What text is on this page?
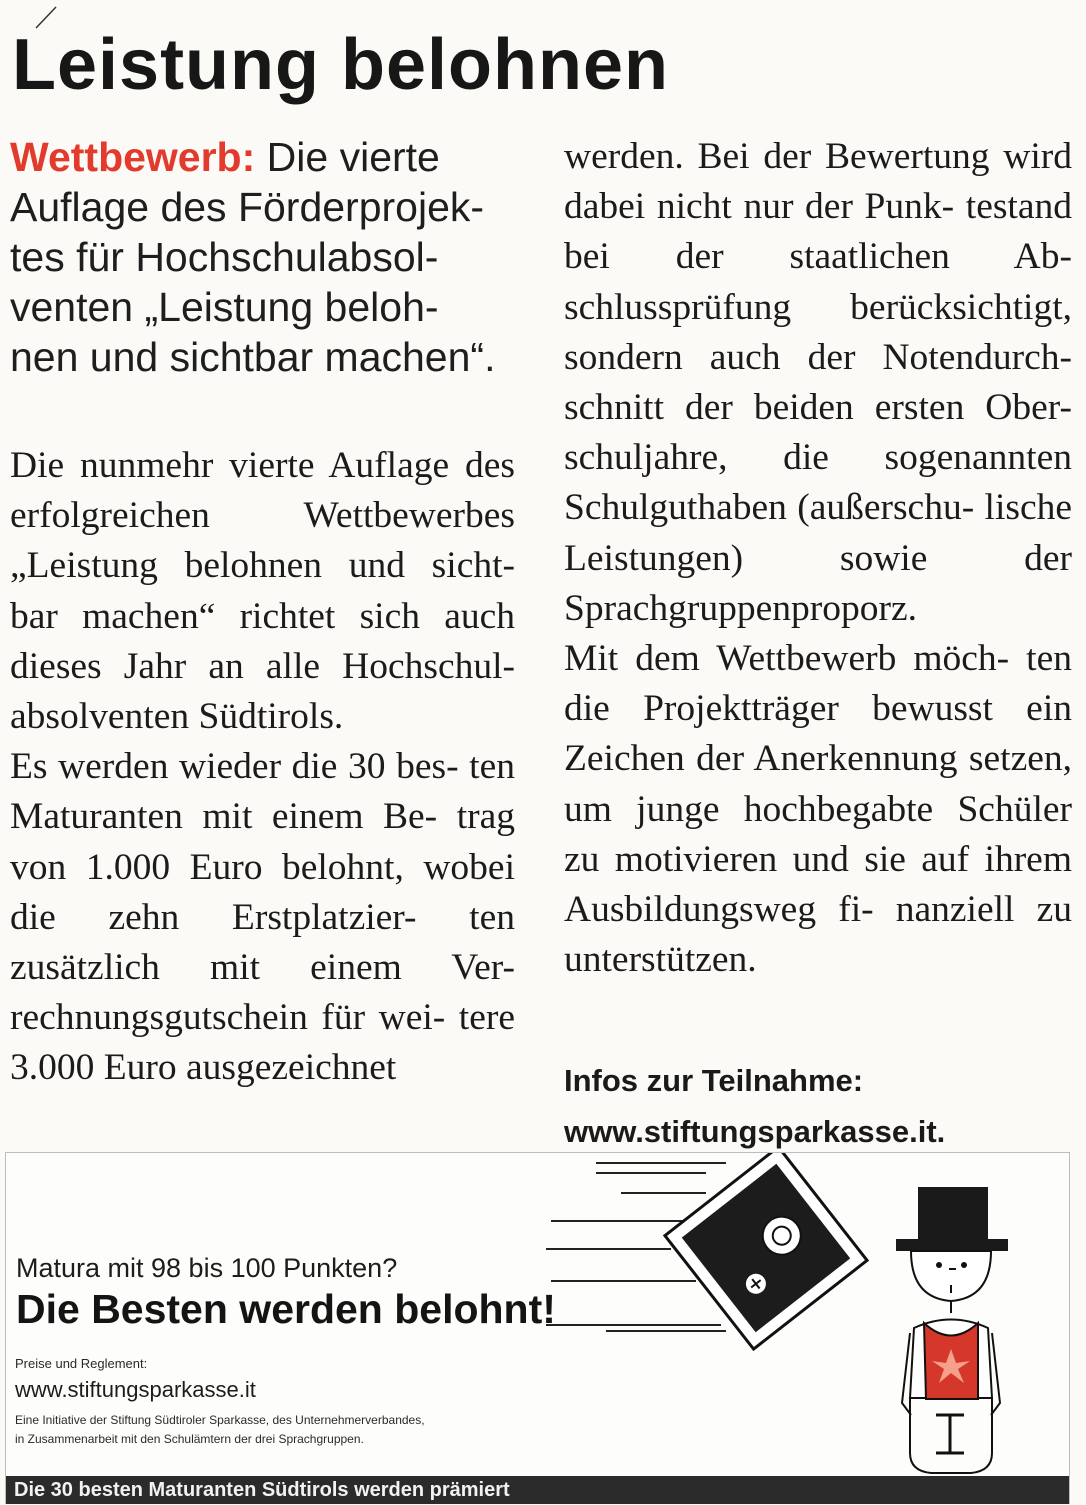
Leistung belohnen

Wettbewerb: Die vierte Auflage des Förderprojek- tes für Hochschulabsol- venten „Leistung beloh- nen und sichtbar machen“.

Die nunmehr vierte Auflage des erfolgreichen Wettbewerbes „Leistung belohnen und sicht- bar machen“ richtet sich auch dieses Jahr an alle Hochschul- absolventen Südtirols.

Es werden wieder die 30 bes- ten Maturanten mit einem Be- trag von 1.000 Euro belohnt, wobei die zehn Erstplatzier- ten zusätzlich mit einem Ver- rechnungsgutschein für wei- tere 3.000 Euro ausgezeichnet

werden. Bei der Bewertung wird dabei nicht nur der Punk- testand bei der staatlichen Ab- schlussprüfung berücksichtigt, sondern auch der Notendurch- schnitt der beiden ersten Ober- schuljahre, die sogenannten Schulguthaben (außerschu- lische Leistungen) sowie der Sprachgruppenproporz.

Mit dem Wettbewerb möch- ten die Projektträger bewusst ein Zeichen der Anerkennung setzen, um junge hochbegabte Schüler zu motivieren und sie auf ihrem Ausbildungsweg fi- nanziell zu unterstützen.

Infos zur Teilnahme:
www.stiftungsparkasse.it.
Matura mit 98 bis 100 Punkten?
Die Besten werden belohnt!
Preise und Reglement:
www.stiftungsparkasse.it
Eine Initiative der Stiftung Südtiroler Sparkasse, des Unternehmerverbandes,
in Zusammenarbeit mit den Schulämtern der drei Sprachgruppen.
Die 30 besten Maturanten Südtirols werden prämiert
